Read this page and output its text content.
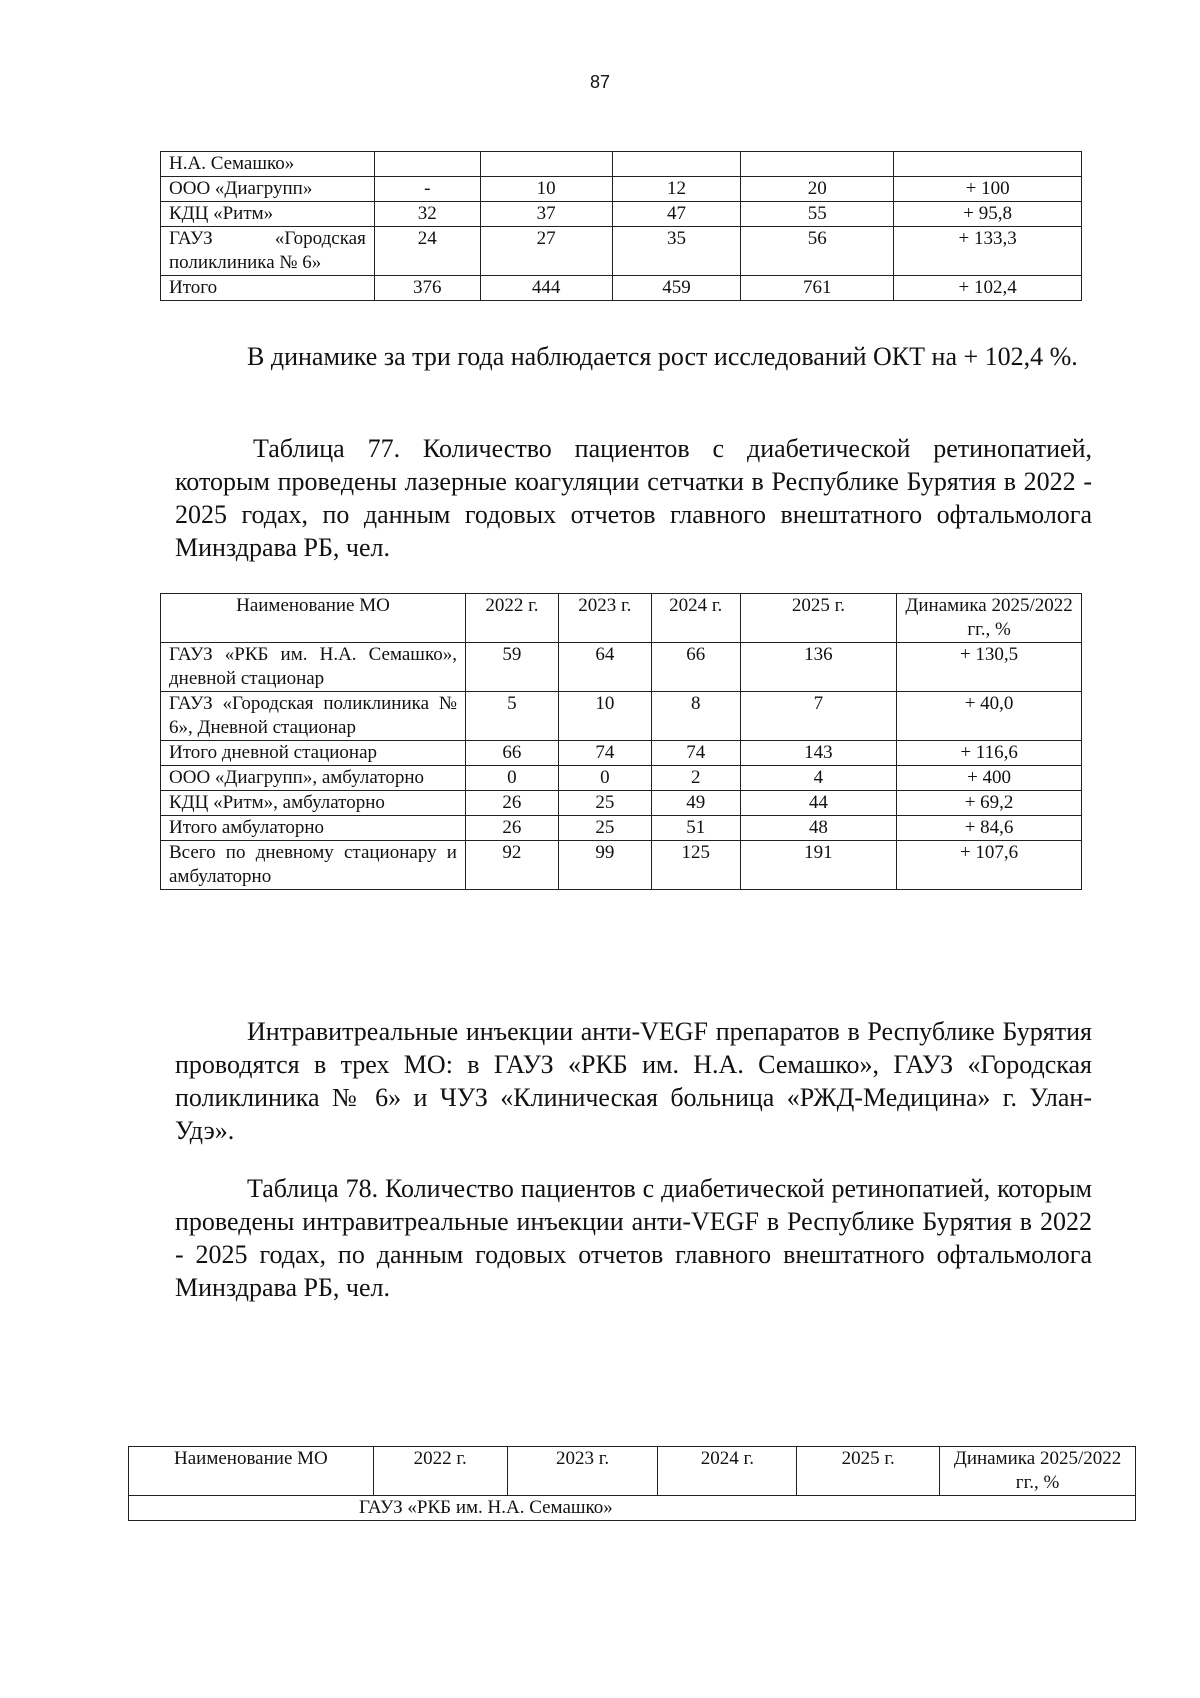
87
Н.А. Семашко»					
ООО «Диагрупп»	-	10	12	20	+ 100
КДЦ «Ритм»	32	37	47	55	+ 95,8
ГАУЗ «Городская поликлиника № 6»	24	27	35	56	+ 133,3
Итого	376	444	459	761	+ 102,4
В динамике за три года наблюдается рост исследований ОКТ на + 102,4 %.
Таблица 77. Количество пациентов с диабетической ретинопатией, которым проведены лазерные коагуляции сетчатки в Республике Бурятия в 2022 - 2025 годах, по данным годовых отчетов главного внештатного офтальмолога Минздрава РБ, чел.
Наименование МО	2022 г.	2023 г.	2024 г.	2025 г.	Динамика 2025/2022 гг., %
ГАУЗ «РКБ им. Н.А. Семашко», дневной стационар	59	64	66	136	+ 130,5
ГАУЗ «Городская поликлиника № 6», Дневной стационар	5	10	8	7	+ 40,0
Итого дневной стационар	66	74	74	143	+ 116,6
ООО «Диагрупп», амбулаторно	0	0	2	4	+ 400
КДЦ «Ритм», амбулаторно	26	25	49	44	+ 69,2
Итого амбулаторно	26	25	51	48	+ 84,6
Всего по дневному стационару и амбулаторно	92	99	125	191	+ 107,6
Интравитреальные инъекции анти-VEGF препаратов в Республике Бурятия проводятся в трех МО: в ГАУЗ «РКБ им. Н.А. Семашко», ГАУЗ «Городская поликлиника № 6» и ЧУЗ «Клиническая больница «РЖД-Медицина» г. Улан-Удэ».
Таблица 78. Количество пациентов с диабетической ретинопатией, которым проведены интравитреальные инъекции анти-VEGF в Республике Бурятия в 2022 - 2025 годах, по данным годовых отчетов главного внештатного офтальмолога Минздрава РБ, чел.
Наименование МО	2022 г.	2023 г.	2024 г.	2025 г.	Динамика 2025/2022 гг., %
ГАУЗ «РКБ им. Н.А. Семашко»
